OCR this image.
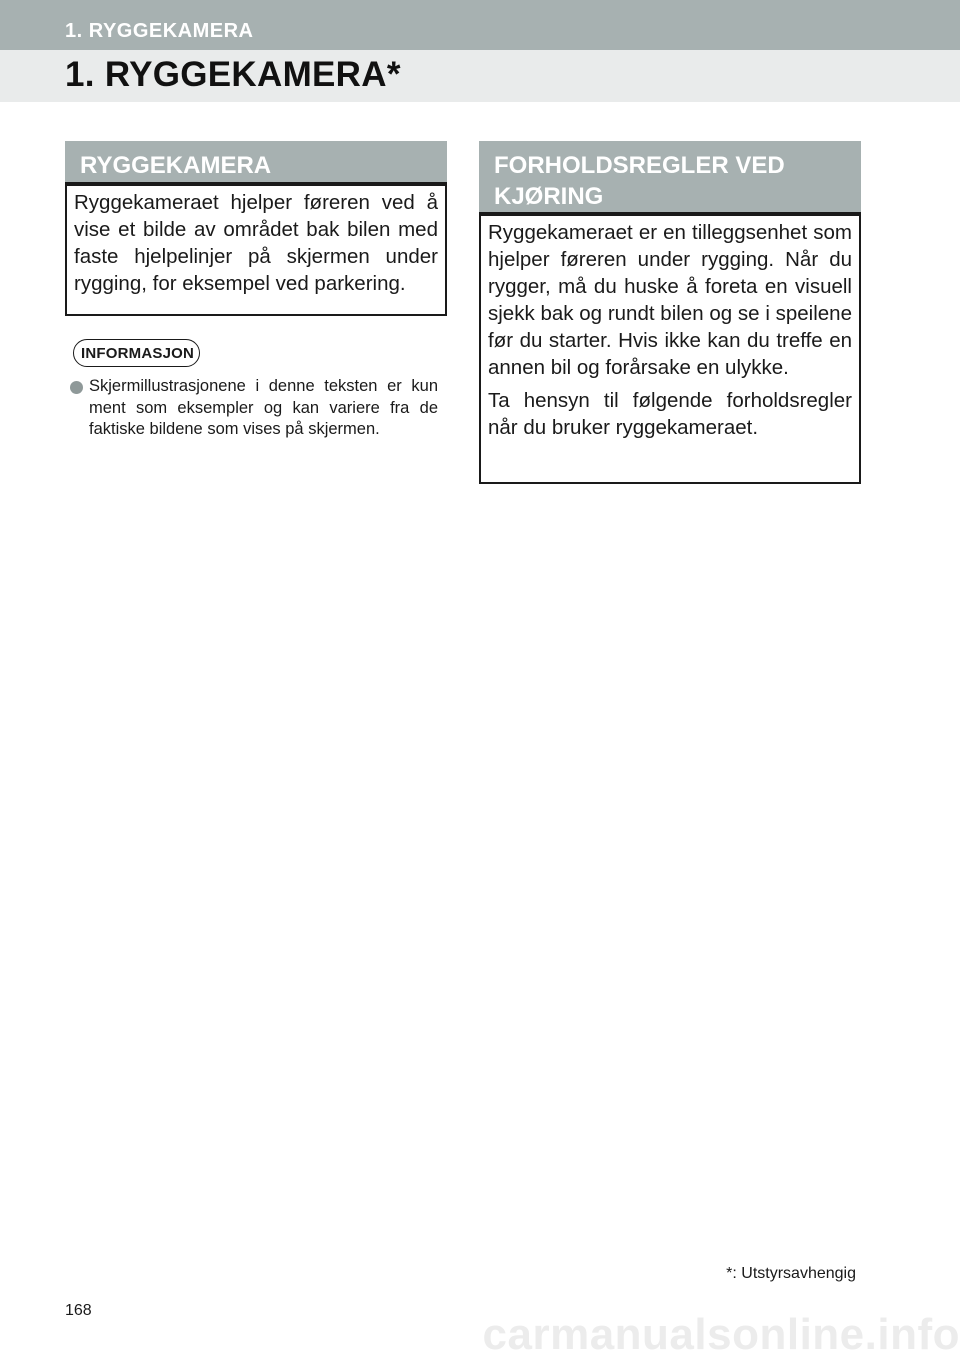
1. RYGGEKAMERA
1. RYGGEKAMERA*
RYGGEKAMERA

Ryggekameraet hjelper føreren ved å vise et bilde av området bak bilen med faste hjelpelinjer på skjermen under rygging, for eksempel ved parkering.

INFORMASJON
Skjermillustrasjonene i denne teksten er kun ment som eksempler og kan variere fra de faktiske bildene som vises på skjermen.
FORHOLDSREGLER VED KJØRING

Ryggekameraet er en tilleggsenhet som hjelper føreren under rygging. Når du rygger, må du huske å foreta en visuell sjekk bak og rundt bilen og se i speilene før du starter. Hvis ikke kan du treffe en annen bil og forårsake en ulykke.

Ta hensyn til følgende forholdsregler når du bruker ryggekameraet.

*: Utstyrsavhengig
168	carmanualsonline.info
